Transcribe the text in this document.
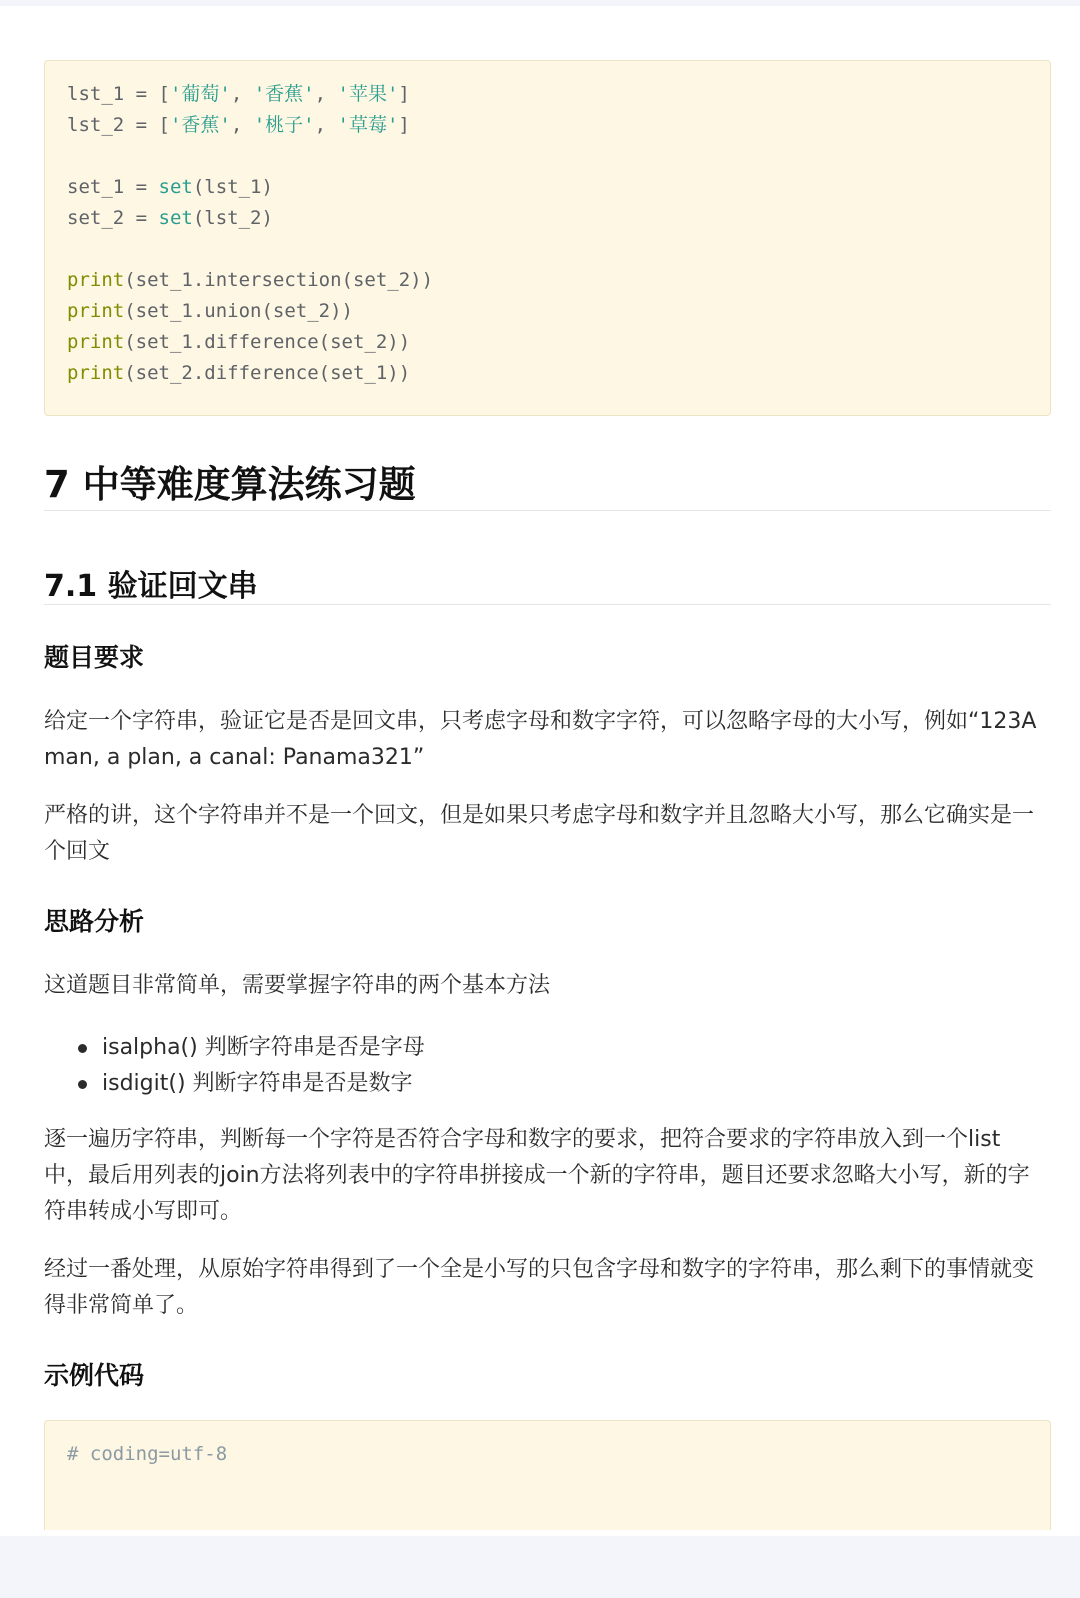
lst_1 = ['葡萄', '香蕉', '苹果']
lst_2 = ['香蕉', '桃子', '草莓']

set_1 = set(lst_1)
set_2 = set(lst_2)

print(set_1.intersection(set_2))
print(set_1.union(set_2))
print(set_1.difference(set_2))
print(set_2.difference(set_1))
7 中等难度算法练习题
7.1 验证回文串
题目要求

给定一个字符串，验证它是否是回文串，只考虑字母和数字字符，可以忽略字母的大小写，例如“123A man, a plan, a canal: Panama321”

严格的讲，这个字符串并不是一个回文，但是如果只考虑字母和数字并且忽略大小写，那么它确实是一个回文

思路分析

这道题目非常简单，需要掌握字符串的两个基本方法

isalpha() 判断字符串是否是字母
isdigit() 判断字符串是否是数字

逐一遍历字符串，判断每一个字符是否符合字母和数字的要求，把符合要求的字符串放入到一个list中，最后用列表的join方法将列表中的字符串拼接成一个新的字符串，题目还要求忽略大小写，新的字符串转成小写即可。

经过一番处理，从原始字符串得到了一个全是小写的只包含字母和数字的字符串，那么剩下的事情就变得非常简单了。

示例代码
# coding=utf-8
